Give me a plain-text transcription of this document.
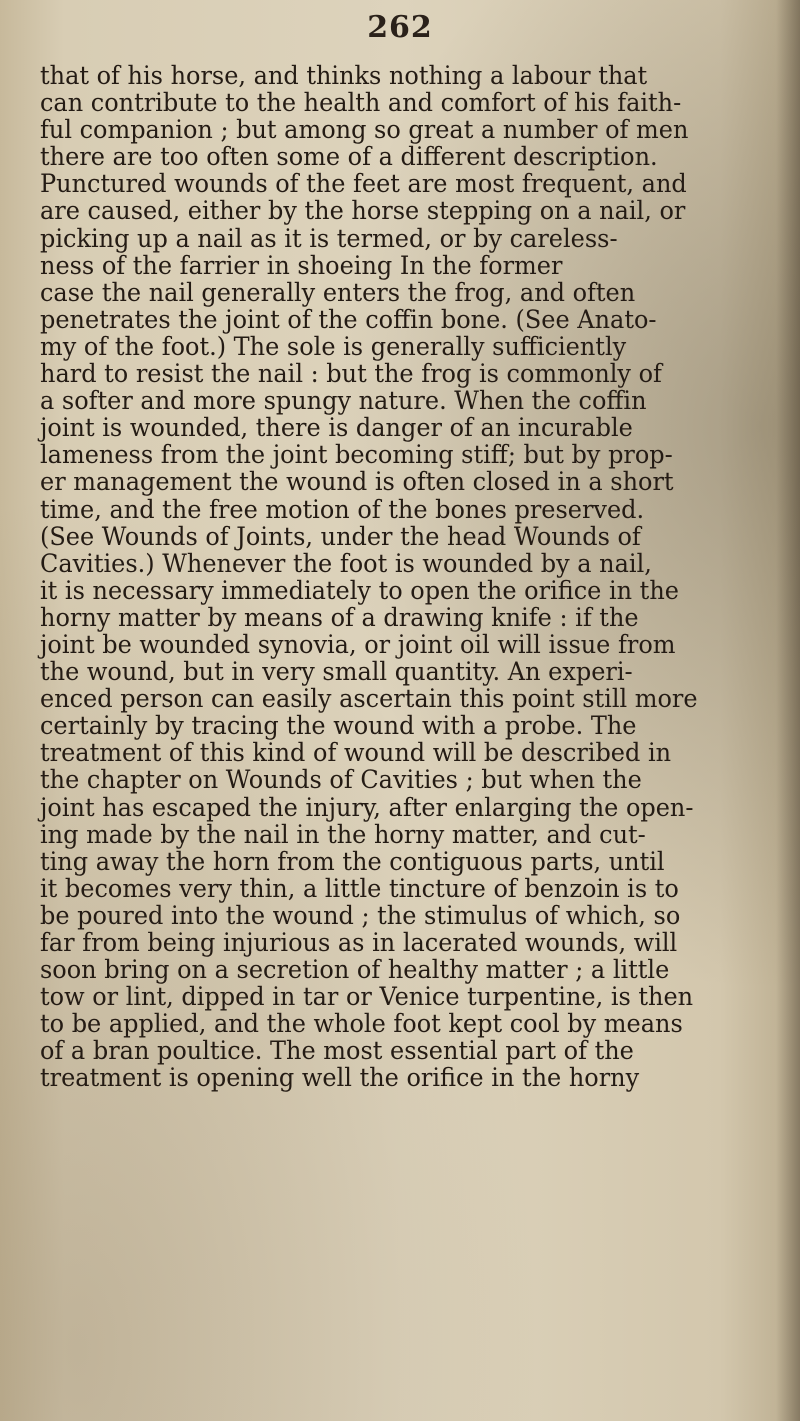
262
that of his horse, and thinks nothing a labour that
can contribute to the health and comfort of his faith-
ful companion ; but among so great a number of men
there are too often some of a different description.
Punctured wounds of the feet are most frequent, and
are caused, either by the horse stepping on a nail, or
picking up a nail as it is termed, or by careless-
ness of the farrier in shoeing In the former
case the nail generally enters the frog, and often
penetrates the joint of the coffin bone. (See Anato-
my of the foot.) The sole is generally sufficiently
hard to resist the nail : but the frog is commonly of
a softer and more spungy nature. When the coffin
joint is wounded, there is danger of an incurable
lameness from the joint becoming stiff; but by prop-
er management the wound is often closed in a short
time, and the free motion of the bones preserved.
(See Wounds of Joints, under the head Wounds of
Cavities.) Whenever the foot is wounded by a nail,
it is necessary immediately to open the orifice in the
horny matter by means of a drawing knife : if the
joint be wounded synovia, or joint oil will issue from
the wound, but in very small quantity. An experi-
enced person can easily ascertain this point still more
certainly by tracing the wound with a probe. The
treatment of this kind of wound will be described in
the chapter on Wounds of Cavities ; but when the
joint has escaped the injury, after enlarging the open-
ing made by the nail in the horny matter, and cut-
ting away the horn from the contiguous parts, until
it becomes very thin, a little tincture of benzoin is to
be poured into the wound ; the stimulus of which, so
far from being injurious as in lacerated wounds, will
soon bring on a secretion of healthy matter ; a little
tow or lint, dipped in tar or Venice turpentine, is then
to be applied, and the whole foot kept cool by means
of a bran poultice. The most essential part of the
treatment is opening well the orifice in the horny
